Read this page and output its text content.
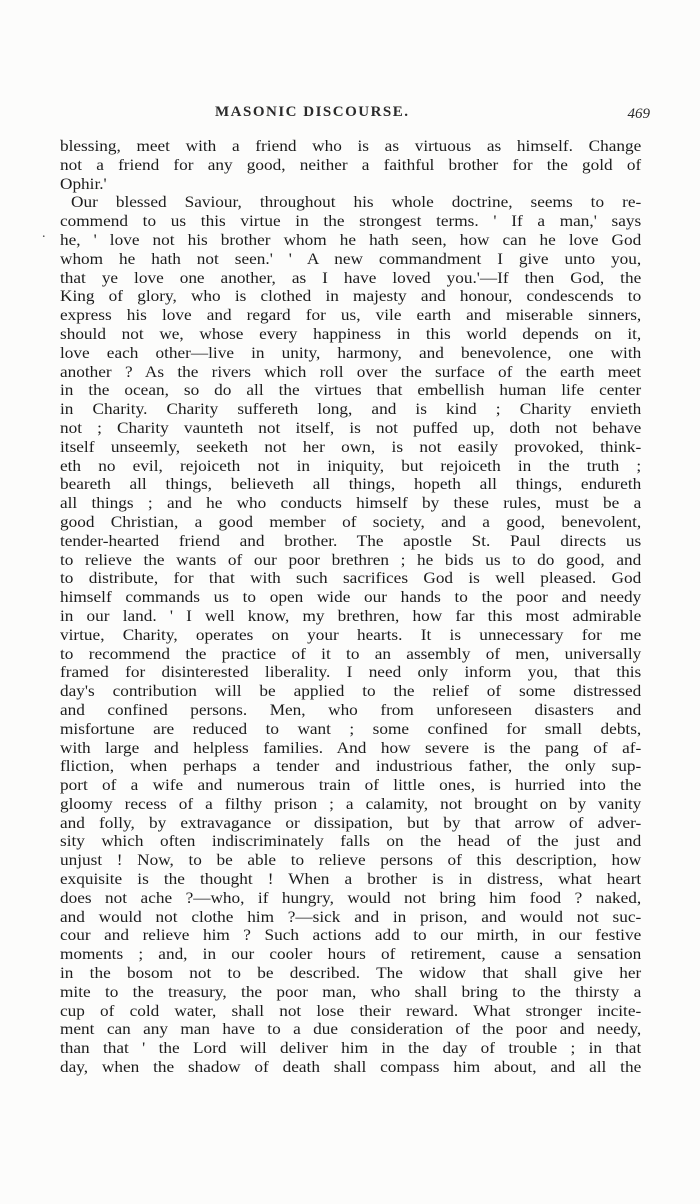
MASONIC DISCOURSE.	469
.
blessing, meet with a friend who is as virtuous as himself. Change
not a friend for any good, neither a faithful brother for the gold of
Ophir.'
Our blessed Saviour, throughout his whole doctrine, seems to re-
commend to us this virtue in the strongest terms. ' If a man,' says
he, ' love not his brother whom he hath seen, how can he love God
whom he hath not seen.' ' A new commandment I give unto you,
that ye love one another, as I have loved you.'—If then God, the
King of glory, who is clothed in majesty and honour, condescends to
express his love and regard for us, vile earth and miserable sinners,
should not we, whose every happiness in this world depends on it,
love each other—live in unity, harmony, and benevolence, one with
another ? As the rivers which roll over the surface of the earth meet
in the ocean, so do all the virtues that embellish human life center
in Charity. Charity suffereth long, and is kind ; Charity envieth
not ; Charity vaunteth not itself, is not puffed up, doth not behave
itself unseemly, seeketh not her own, is not easily provoked, think-
eth no evil, rejoiceth not in iniquity, but rejoiceth in the truth ;
beareth all things, believeth all things, hopeth all things, endureth
all things ; and he who conducts himself by these rules, must be a
good Christian, a good member of society, and a good, benevolent,
tender-hearted friend and brother. The apostle St. Paul directs us
to relieve the wants of our poor brethren ; he bids us to do good, and
to distribute, for that with such sacrifices God is well pleased. God
himself commands us to open wide our hands to the poor and needy
in our land. ' I well know, my brethren, how far this most admirable
virtue, Charity, operates on your hearts. It is unnecessary for me
to recommend the practice of it to an assembly of men, universally
framed for disinterested liberality. I need only inform you, that this
day's contribution will be applied to the relief of some distressed
and confined persons. Men, who from unforeseen disasters and
misfortune are reduced to want ; some confined for small debts,
with large and helpless families. And how severe is the pang of af-
fliction, when perhaps a tender and industrious father, the only sup-
port of a wife and numerous train of little ones, is hurried into the
gloomy recess of a filthy prison ; a calamity, not brought on by vanity
and folly, by extravagance or dissipation, but by that arrow of adver-
sity which often indiscriminately falls on the head of the just and
unjust ! Now, to be able to relieve persons of this description, how
exquisite is the thought ! When a brother is in distress, what heart
does not ache ?—who, if hungry, would not bring him food ? naked,
and would not clothe him ?—sick and in prison, and would not suc-
cour and relieve him ? Such actions add to our mirth, in our festive
moments ; and, in our cooler hours of retirement, cause a sensation
in the bosom not to be described. The widow that shall give her
mite to the treasury, the poor man, who shall bring to the thirsty a
cup of cold water, shall not lose their reward. What stronger incite-
ment can any man have to a due consideration of the poor and needy,
than that ' the Lord will deliver him in the day of trouble ; in that
day, when the shadow of death shall compass him about, and all the
